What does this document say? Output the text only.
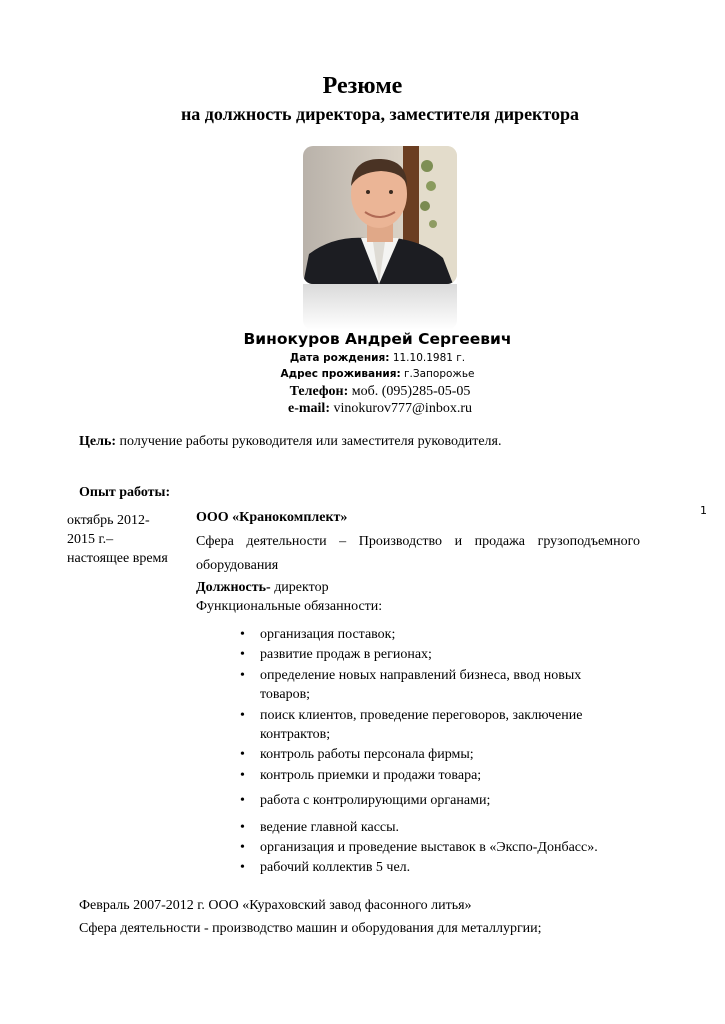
Резюме
на должность директора, заместителя директора
Винокуров Андрей Сергеевич
Дата рождения: 11.10.1981 г.
Адрес проживания: г.Запорожье
Телефон: моб. (095)285-05-05
e-mail: vinokurov777@inbox.ru
Цель: получение работы руководителя или заместителя руководителя.
Опыт работы:
1
октябрь 2012-
2015 г.–
настоящее время
ООО «Кранокомплект»
Сфера деятельности – Производство и продажа грузоподъемного оборудования
Должность- директор
Функциональные обязанности:
•	организация поставок;
•	развитие продаж в регионах;
•	определение новых направлений бизнеса, ввод новых товаров;
•	поиск клиентов, проведение переговоров, заключение контрактов;
•	контроль работы персонала фирмы;
•	контроль приемки и продажи товара;
•	работа с контролирующими органами;
•	ведение главной кассы.
•	организация и проведение выставок в «Экспо-Донбасс».
•	рабочий коллектив 5 чел.
Февраль 2007-2012 г. ООО «Кураховский завод фасонного литья»
Сфера деятельности - производство машин и оборудования для металлургии;
